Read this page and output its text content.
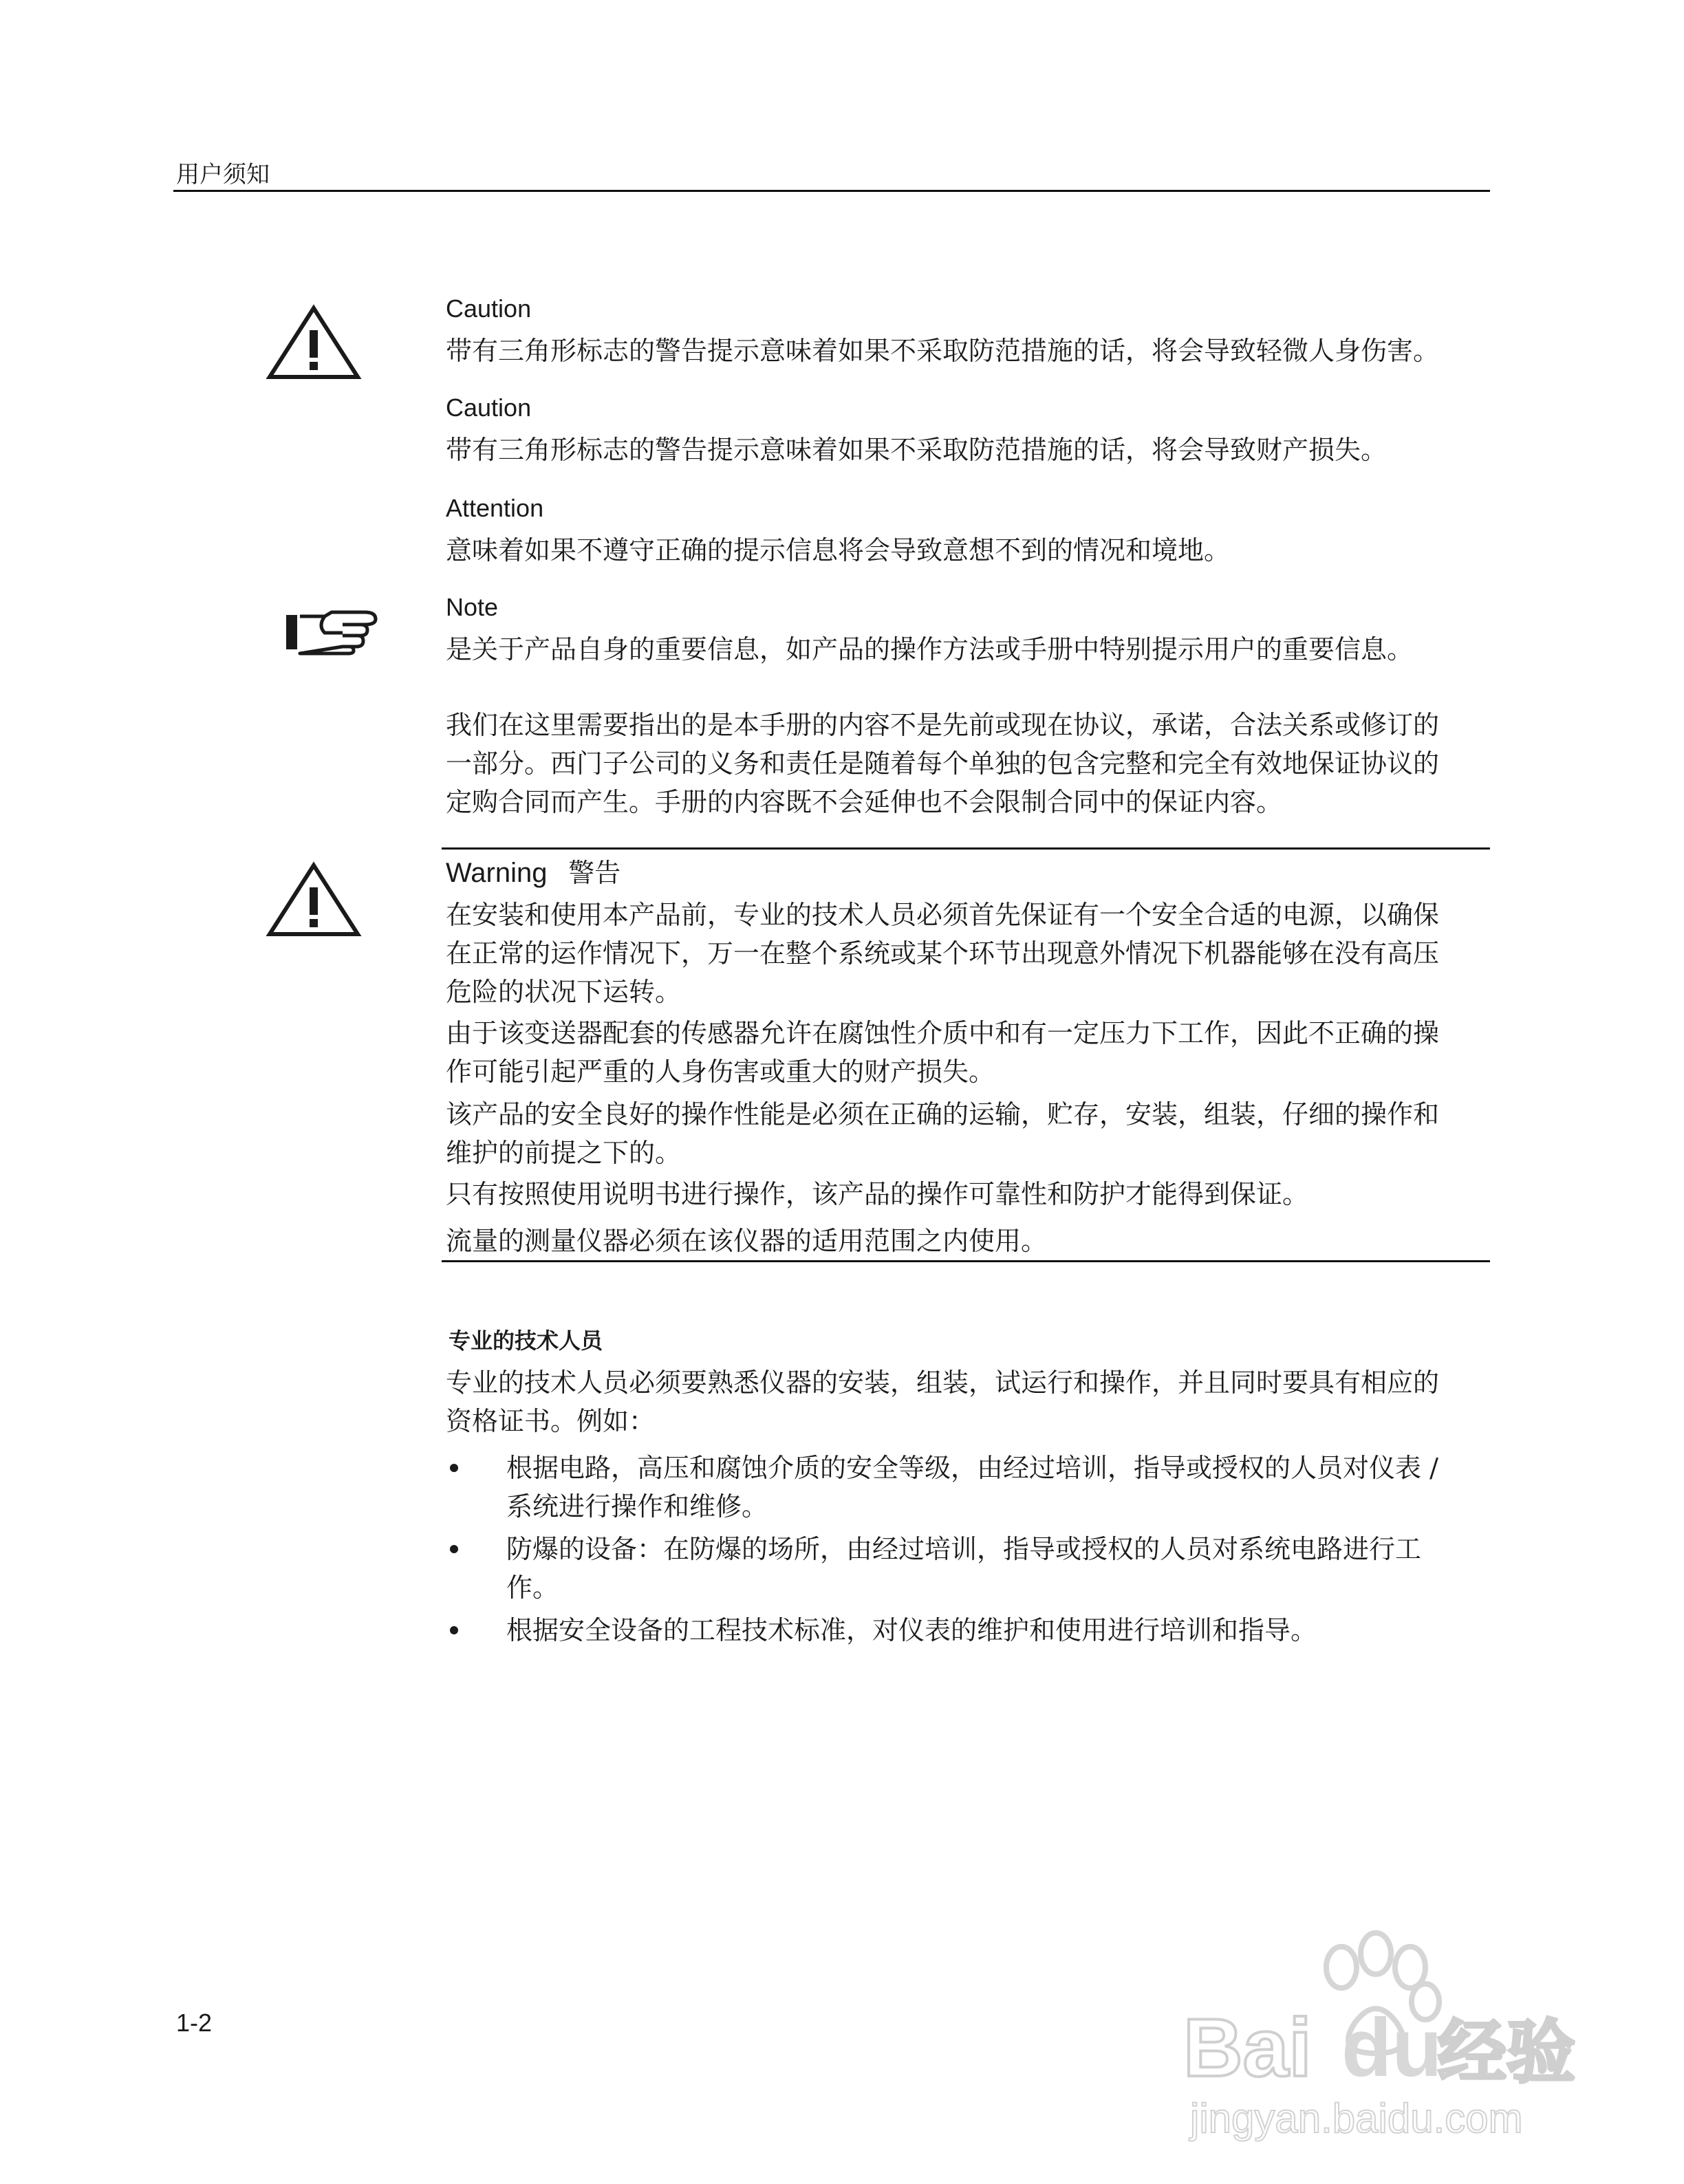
用户须知
Caution
带有三角形标志的警告提示意味着如果不采取防范措施的话，将会导致轻微人身伤害。
Caution
带有三角形标志的警告提示意味着如果不采取防范措施的话，将会导致财产损失。
Attention
意味着如果不遵守正确的提示信息将会导致意想不到的情况和境地。
Note
是关于产品自身的重要信息，如产品的操作方法或手册中特别提示用户的重要信息。
我们在这里需要指出的是本手册的内容不是先前或现在协议，承诺，合法关系或修订的
一部分。西门子公司的义务和责任是随着每个单独的包含完整和完全有效地保证协议的
定购合同而产生。手册的内容既不会延伸也不会限制合同中的保证内容。
Warning 警告
在安装和使用本产品前，专业的技术人员必须首先保证有一个安全合适的电源，以确保
在正常的运作情况下，万一在整个系统或某个环节出现意外情况下机器能够在没有高压
危险的状况下运转。
由于该变送器配套的传感器允许在腐蚀性介质中和有一定压力下工作，因此不正确的操
作可能引起严重的人身伤害或重大的财产损失。
该产品的安全良好的操作性能是必须在正确的运输，贮存，安装，组装，仔细的操作和
维护的前提之下的。
只有按照使用说明书进行操作，该产品的操作可靠性和防护才能得到保证。
流量的测量仪器必须在该仪器的适用范围之内使用。
专业的技术人员
专业的技术人员必须要熟悉仪器的安装，组装，试运行和操作，并且同时要具有相应的
资格证书。例如：
根据电路，高压和腐蚀介质的安全等级，由经过培训，指导或授权的人员对仪表 /
系统进行操作和维修。
防爆的设备：在防爆的场所，由经过培训，指导或授权的人员对系统电路进行工
作。
根据安全设备的工程技术标准，对仪表的维护和使用进行培训和指导。
1-2	Bai du
经验
jingyan.baidu.com
